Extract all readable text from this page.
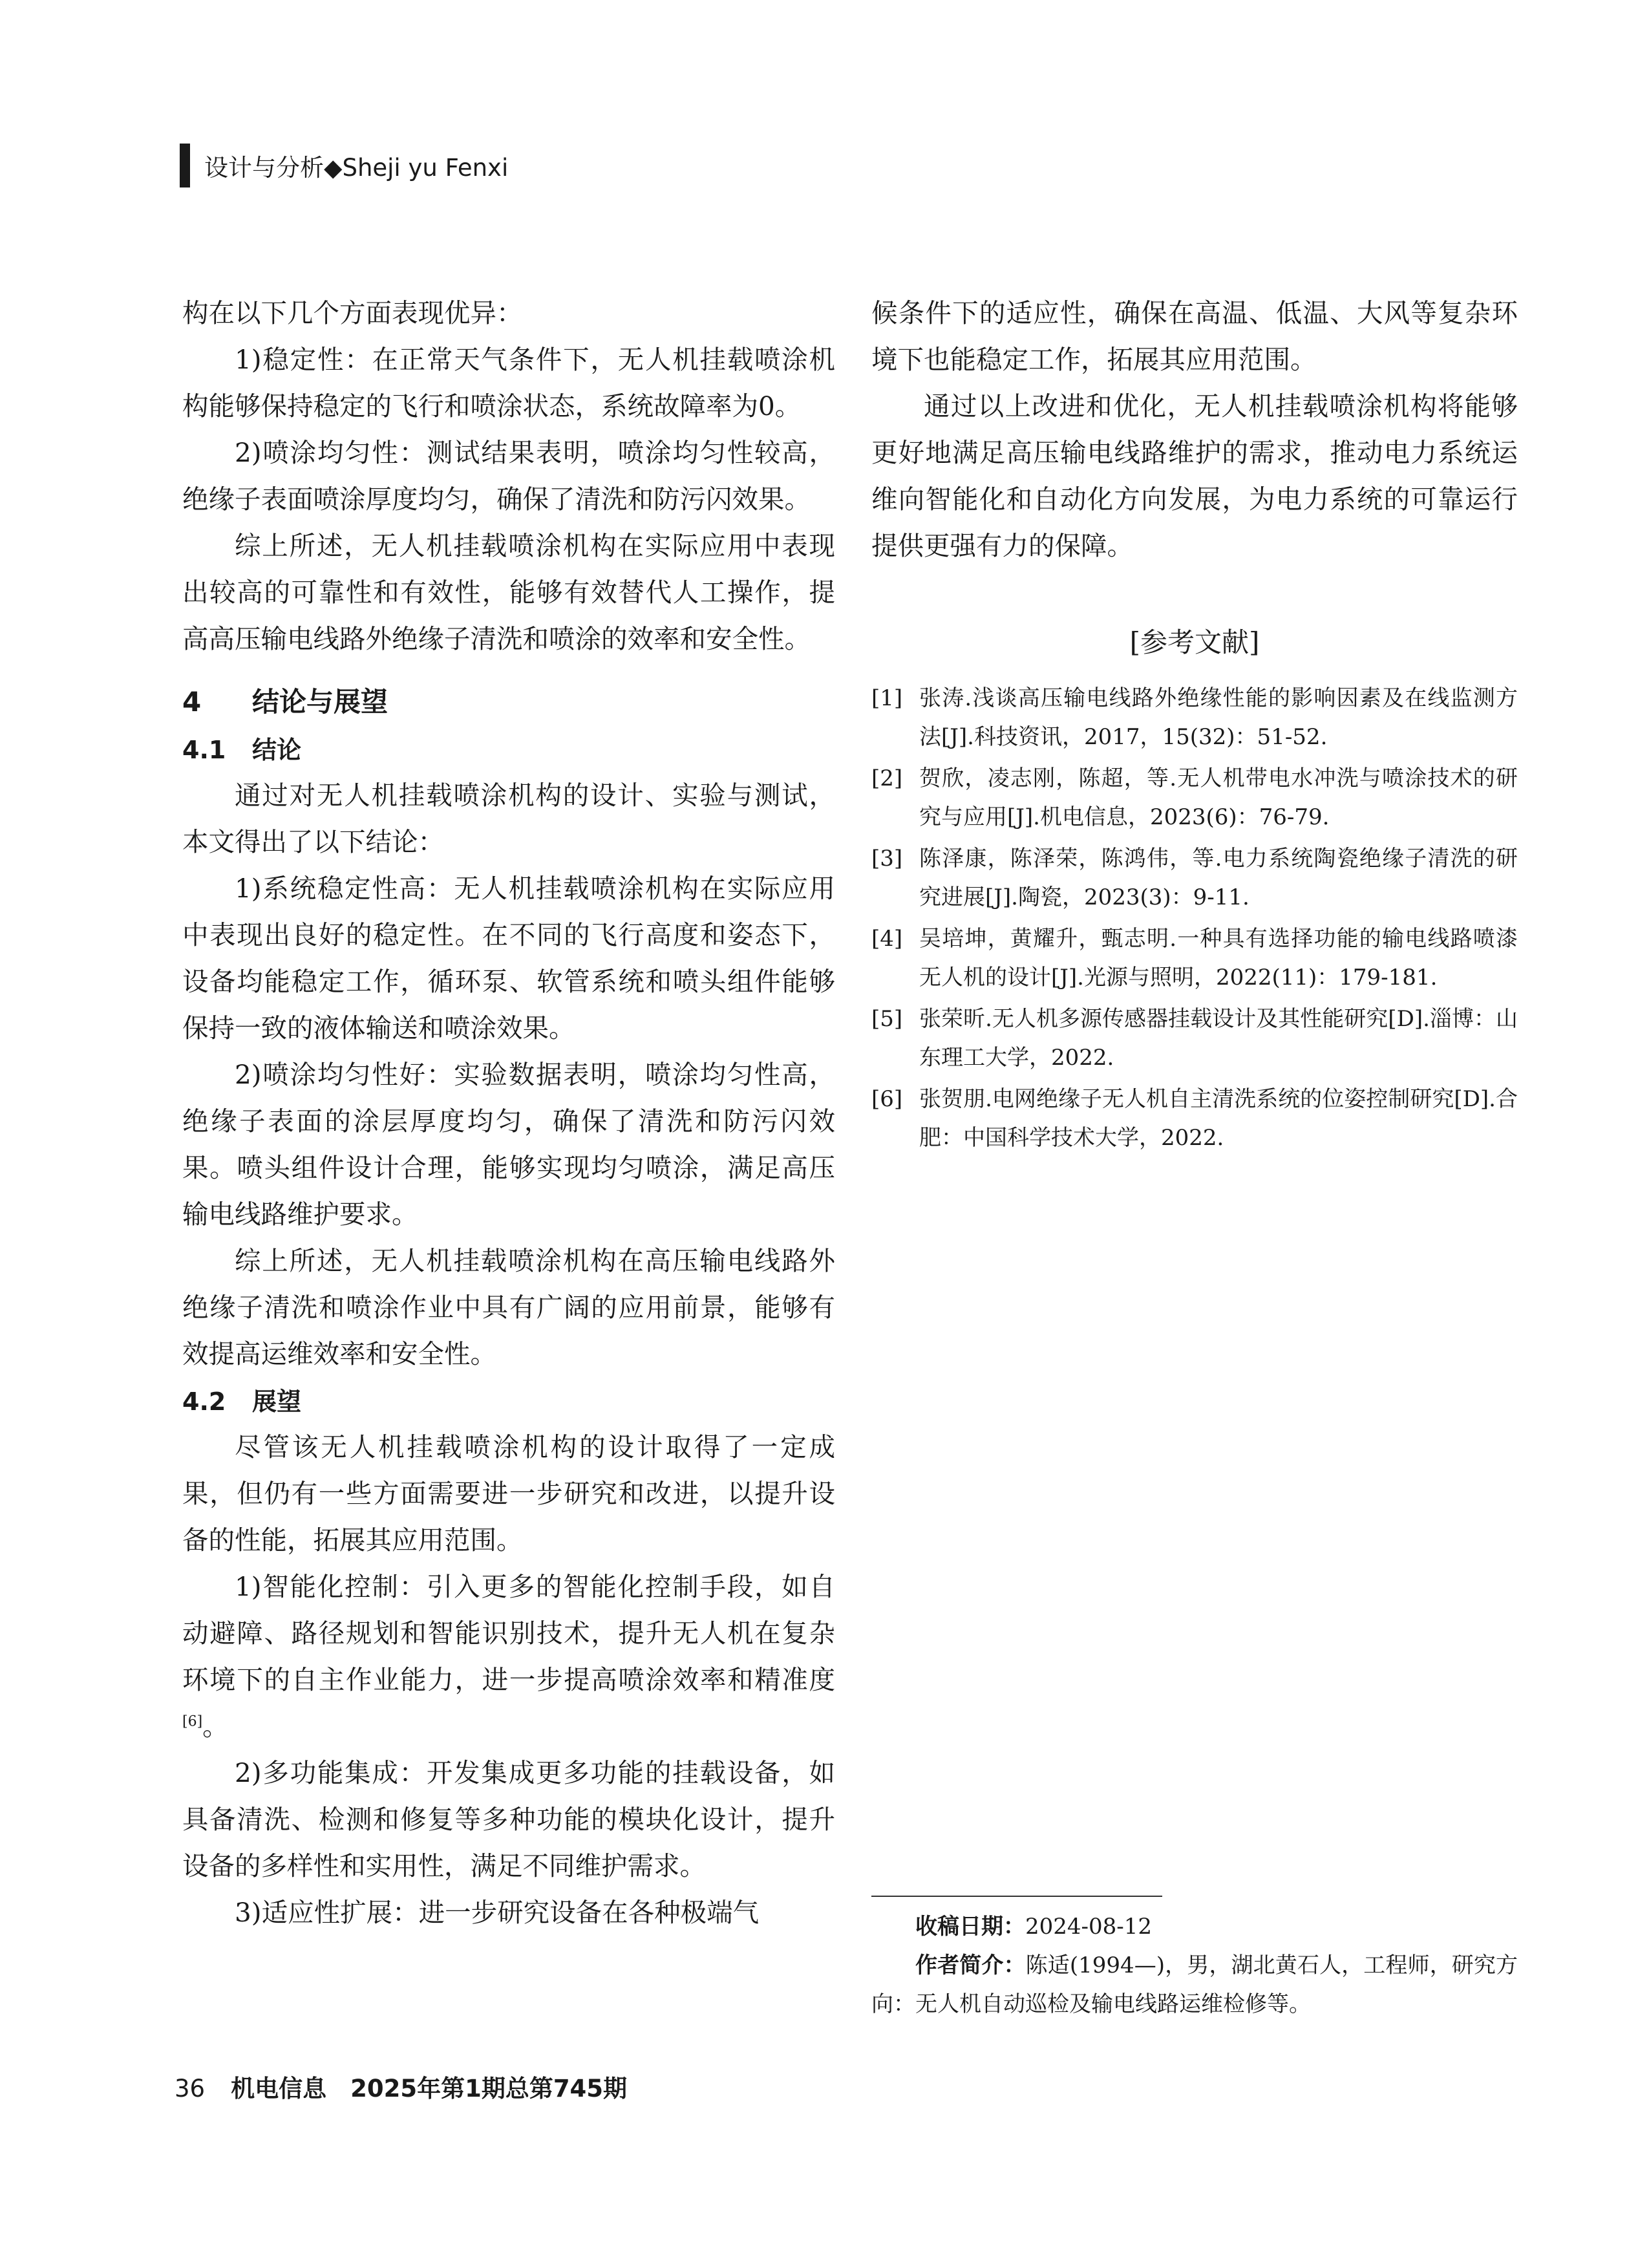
设计与分析◆Sheji yu Fenxi

构在以下几个方面表现优异：

1)稳定性：在正常天气条件下，无人机挂载喷涂机构能够保持稳定的飞行和喷涂状态，系统故障率为0。

2)喷涂均匀性：测试结果表明，喷涂均匀性较高，绝缘子表面喷涂厚度均匀，确保了清洗和防污闪效果。

综上所述，无人机挂载喷涂机构在实际应用中表现出较高的可靠性和有效性，能够有效替代人工操作，提高高压输电线路外绝缘子清洗和喷涂的效率和安全性。

4 结论与展望
4.1 结论

通过对无人机挂载喷涂机构的设计、实验与测试，本文得出了以下结论：

1)系统稳定性高：无人机挂载喷涂机构在实际应用中表现出良好的稳定性。在不同的飞行高度和姿态下，设备均能稳定工作，循环泵、软管系统和喷头组件能够保持一致的液体输送和喷涂效果。

2)喷涂均匀性好：实验数据表明，喷涂均匀性高，绝缘子表面的涂层厚度均匀，确保了清洗和防污闪效果。喷头组件设计合理，能够实现均匀喷涂，满足高压输电线路维护要求。

综上所述，无人机挂载喷涂机构在高压输电线路外绝缘子清洗和喷涂作业中具有广阔的应用前景，能够有效提高运维效率和安全性。

4.2 展望

尽管该无人机挂载喷涂机构的设计取得了一定成果，但仍有一些方面需要进一步研究和改进，以提升设备的性能，拓展其应用范围。

1)智能化控制：引入更多的智能化控制手段，如自动避障、路径规划和智能识别技术，提升无人机在复杂环境下的自主作业能力，进一步提高喷涂效率和精准度[6]。

2)多功能集成：开发集成更多功能的挂载设备，如具备清洗、检测和修复等多种功能的模块化设计，提升设备的多样性和实用性，满足不同维护需求。

3)适应性扩展：进一步研究设备在各种极端气

候条件下的适应性，确保在高温、低温、大风等复杂环境下也能稳定工作，拓展其应用范围。

通过以上改进和优化，无人机挂载喷涂机构将能够更好地满足高压输电线路维护的需求，推动电力系统运维向智能化和自动化方向发展，为电力系统的可靠运行提供更强有力的保障。

[参考文献]
[1] 张涛.浅谈高压输电线路外绝缘性能的影响因素及在线监测方法[J].科技资讯，2017，15(32)：51-52.
[2] 贺欣，凌志刚，陈超，等.无人机带电水冲洗与喷涂技术的研究与应用[J].机电信息，2023(6)：76-79.
[3] 陈泽康，陈泽荣，陈鸿伟，等.电力系统陶瓷绝缘子清洗的研究进展[J].陶瓷，2023(3)：9-11.
[4] 吴培坤，黄耀升，甄志明.一种具有选择功能的输电线路喷漆无人机的设计[J].光源与照明，2022(11)：179-181.
[5] 张荣昕.无人机多源传感器挂载设计及其性能研究[D].淄博：山东理工大学，2022.
[6] 张贺朋.电网绝缘子无人机自主清洗系统的位姿控制研究[D].合肥：中国科学技术大学，2022.

收稿日期：2024-08-12

作者简介：陈适(1994—)，男，湖北黄石人，工程师，研究方向：无人机自动巡检及输电线路运维检修等。

36 机电信息　2025年第1期总第745期
